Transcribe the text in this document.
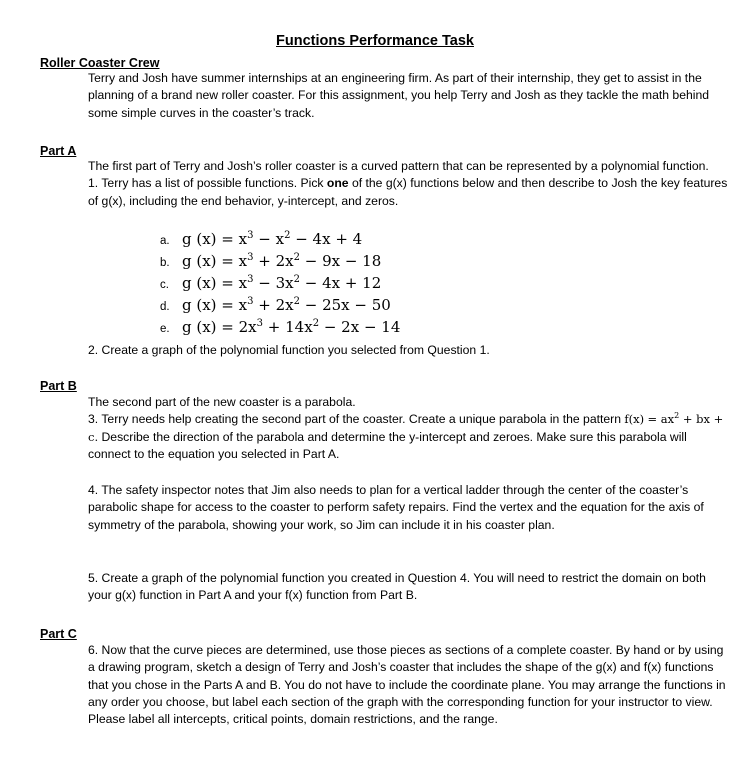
Functions Performance Task
Roller Coaster Crew

Terry and Josh have summer internships at an engineering firm. As part of their internship, they get to assist in the planning of a brand new roller coaster. For this assignment, you help Terry and Josh as they tackle the math behind some simple curves in the coaster’s track.

Part A

The first part of Terry and Josh’s roller coaster is a curved pattern that can be represented by a polynomial function.

1. Terry has a list of possible functions. Pick one of the g(x) functions below and then describe to Josh the key features of g(x), including the end behavior, y-intercept, and zeros.

a. g $(x) = x^3 - x^2 - 4x + 4$
b. g $(x) = x^3 + 2x^2 - 9x - 18$
c. g $(x) = x^3 - 3x^2 - 4x + 12$
d. g $(x) = x^3 + 2x^2 - 25x - 50$
e. g $(x) = 2x^3 + 14x^2 - 2x - 14$

2. Create a graph of the polynomial function you selected from Question 1.

Part B

The second part of the new coaster is a parabola.

3. Terry needs help creating the second part of the coaster. Create a unique parabola in the pattern $f(x) = ax^2$ + bx + c. Describe the direction of the parabola and determine the y-intercept and zeroes. Make sure this parabola will connect to the equation you selected in Part A.

4. The safety inspector notes that Jim also needs to plan for a vertical ladder through the center of the coaster’s parabolic shape for access to the coaster to perform safety repairs. Find the vertex and the equation for the axis of symmetry of the parabola, showing your work, so Jim can include it in his coaster plan.

5. Create a graph of the polynomial function you created in Question 4. You will need to restrict the domain on both your g(x) function in Part A and your f(x) function from Part B.

Part C

6. Now that the curve pieces are determined, use those pieces as sections of a complete coaster. By hand or by using a drawing program, sketch a design of Terry and Josh’s coaster that includes the shape of the g(x) and f(x) functions that you chose in the Parts A and B. You do not have to include the coordinate plane. You may arrange the functions in any order you choose, but label each section of the graph with the corresponding function for your instructor to view. Please label all intercepts, critical points, domain restrictions, and the range.
